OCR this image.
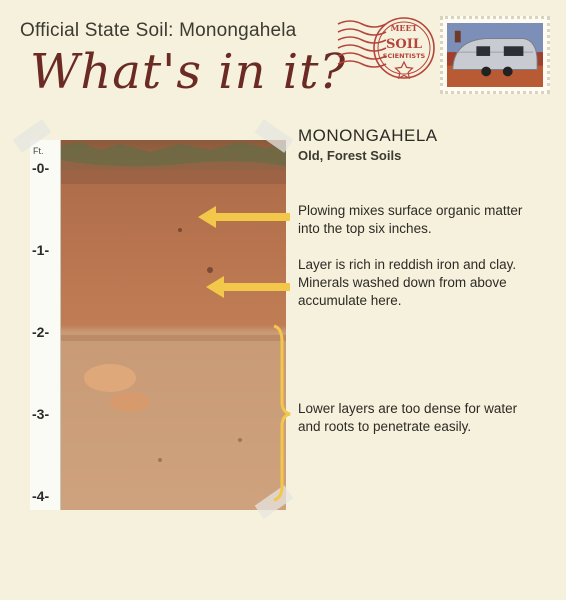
Official State Soil: Monongahela
What's in it?
MEET
SOIL
SCIENTISTS
Ft.
-0-
-1-
-2-
-3-
-4-
MONONGAHELA
Old, Forest Soils
Plowing mixes surface organic matter into the top six inches.
Layer is rich in reddish iron and clay. Minerals washed down from above accumulate here.
Lower layers are too dense for water and roots to penetrate easily.
